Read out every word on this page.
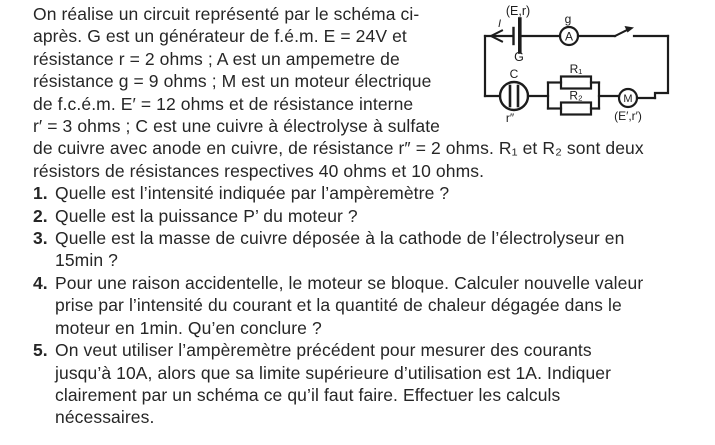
On réalise un circuit représenté par le schéma ci-
après. G est un générateur de f.é.m. E = 24V et
résistance r = 2 ohms ; A est un ampemetre de
résistance g = 9 ohms ; M est un moteur électrique
de f.c.é.m. E′ = 12 ohms et de résistance interne
r′ = 3 ohms ; C est une cuivre à électrolyse à sulfate
de cuivre avec anode en cuivre, de résistance r″ = 2 ohms. R₁ et R₂ sont deux
résistors de résistances respectives 40 ohms et 10 ohms.
1. Quelle est l’intensité indiquée par l’ampèremètre ?
2. Quelle est la puissance P’ du moteur ?
3. Quelle est la masse de cuivre déposée à la cathode de l’électrolyseur en
15min ?
4. Pour une raison accidentelle, le moteur se bloque. Calculer nouvelle valeur
prise par l’intensité du courant et la quantité de chaleur dégagée dans le
moteur en 1min. Qu’en conclure ?
5. On veut utiliser l’ampèremètre précédent pour mesurer des courants
jusqu’à 10A, alors que sa limite supérieure d’utilisation est 1A. Indiquer
clairement par un schéma ce qu’il faut faire. Effectuer les calculs
nécessaires.
(E,r)
I
G
g
A
C
r″
R₁
R₂	M
(E′,r′)
